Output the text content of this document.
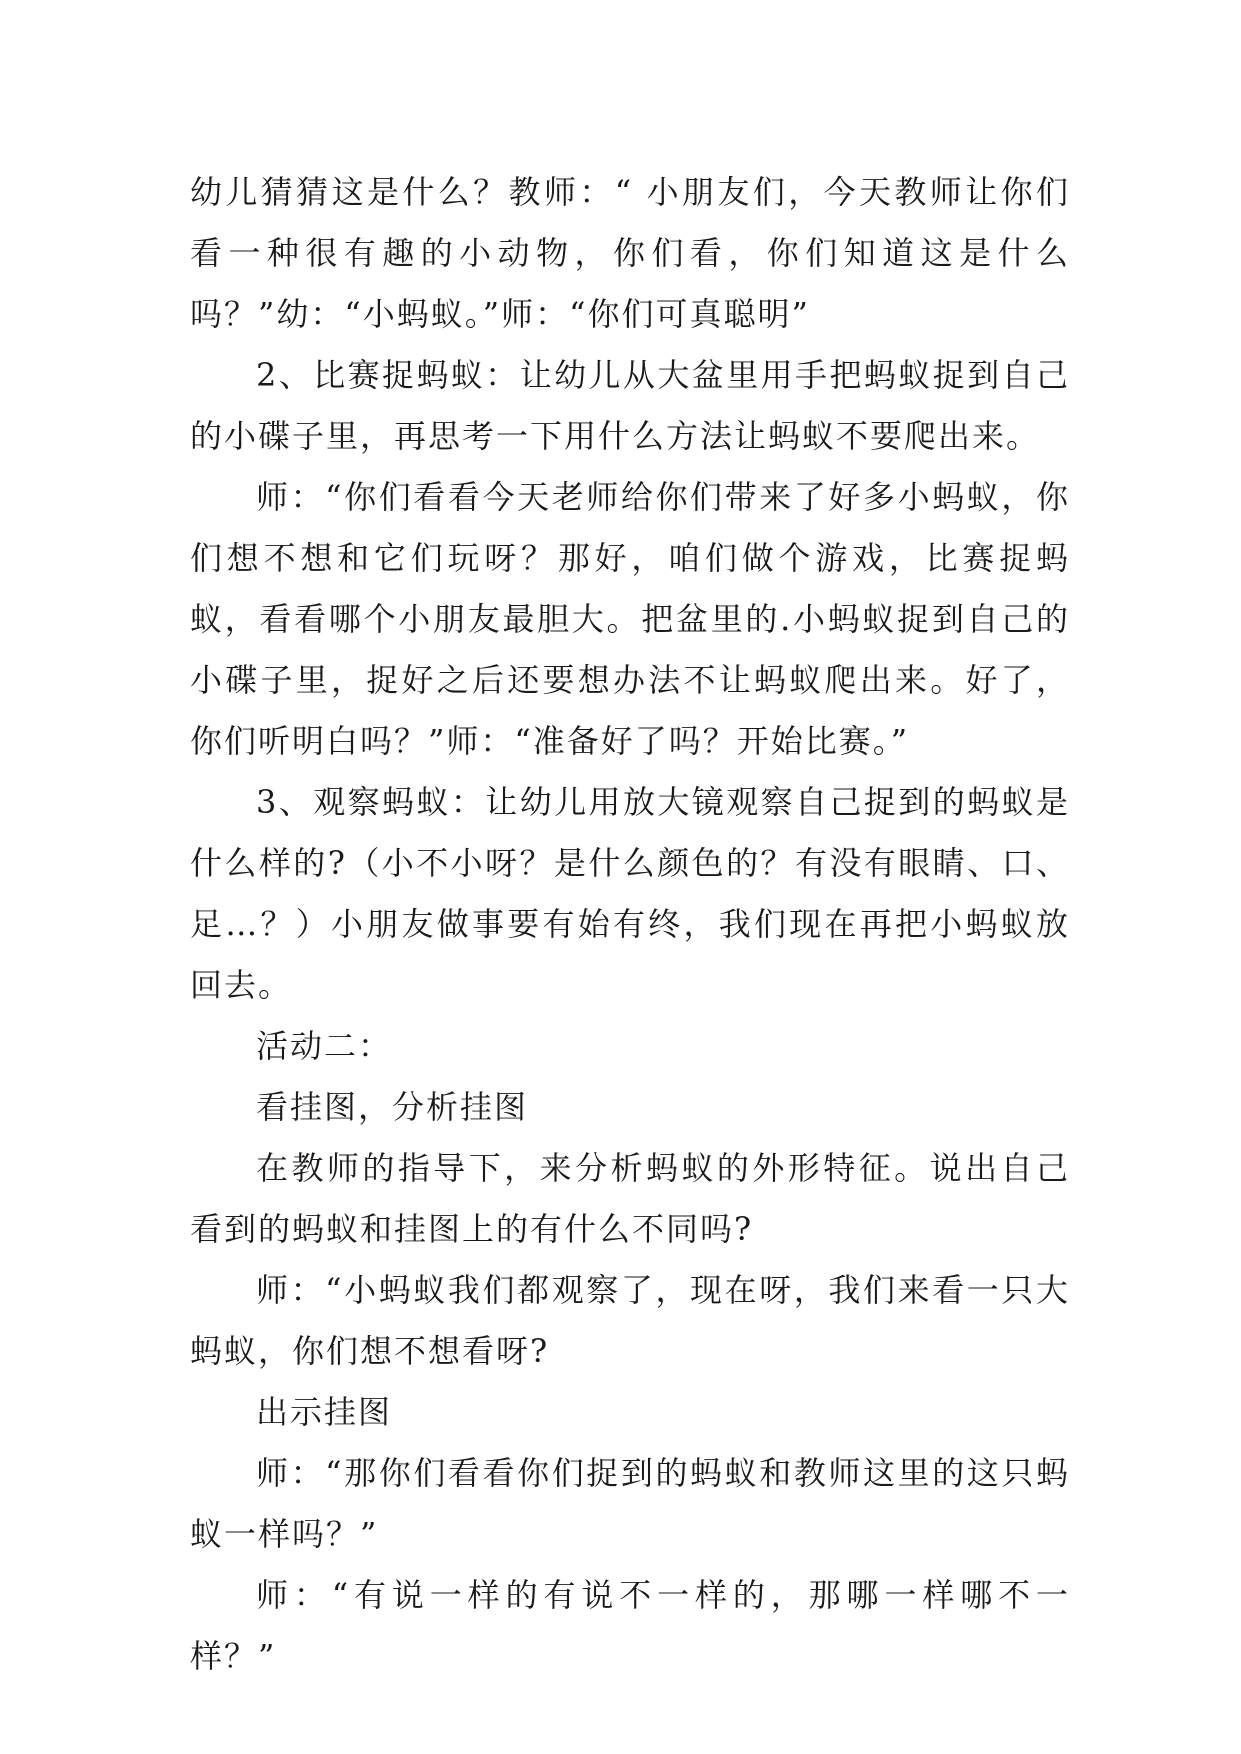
幼儿猜猜这是什么？教师：“ 小朋友们，今天教师让你们看一种很有趣的小动物，你们看，你们知道这是什么吗？”幼：“小蚂蚁。”师：“你们可真聪明”

2、比赛捉蚂蚁：让幼儿从大盆里用手把蚂蚁捉到自己的小碟子里，再思考一下用什么方法让蚂蚁不要爬出来。

师：“你们看看今天老师给你们带来了好多小蚂蚁，你们想不想和它们玩呀？那好，咱们做个游戏，比赛捉蚂蚁，看看哪个小朋友最胆大。把盆里的.小蚂蚁捉到自己的小碟子里，捉好之后还要想办法不让蚂蚁爬出来。好了，你们听明白吗？”师：“准备好了吗？开始比赛。”

3、观察蚂蚁：让幼儿用放大镜观察自己捉到的蚂蚁是什么样的?（小不小呀？是什么颜色的？有没有眼睛、口、足…？）小朋友做事要有始有终，我们现在再把小蚂蚁放回去。

活动二：

看挂图，分析挂图

在教师的指导下，来分析蚂蚁的外形特征。说出自己看到的蚂蚁和挂图上的有什么不同吗?

师：“小蚂蚁我们都观察了，现在呀，我们来看一只大蚂蚁，你们想不想看呀?

出示挂图

师：“那你们看看你们捉到的蚂蚁和教师这里的这只蚂蚁一样吗？”

师：“有说一样的有说不一样的，那哪一样哪不一样？”
